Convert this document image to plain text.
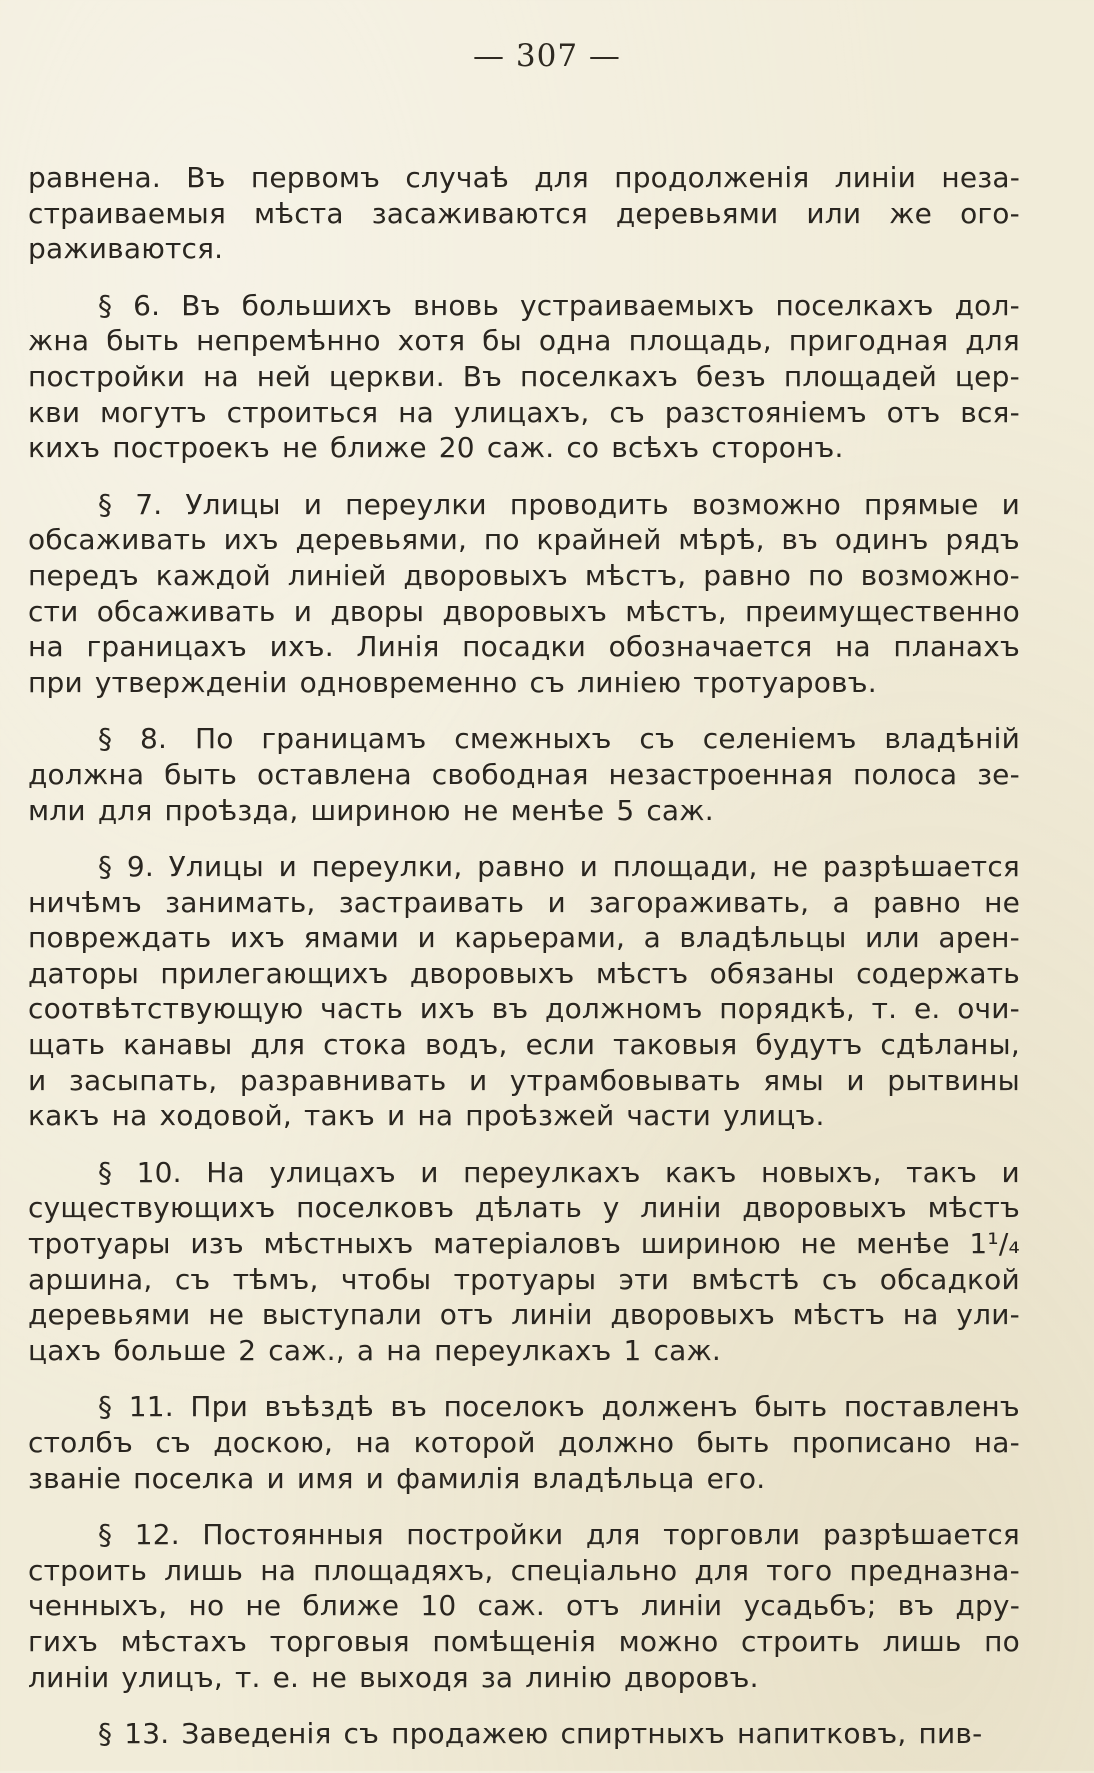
— 307 —
равнена. Въ первомъ случаѣ для продолженія линіи неза-
страиваемыя мѣста засаживаются деревьями или же ого-
раживаются.
§ 6. Въ большихъ вновь устраиваемыхъ поселкахъ дол-
жна быть непремѣнно хотя бы одна площадь, пригодная для
постройки на ней церкви. Въ поселкахъ безъ площадей цер-
кви могутъ строиться на улицахъ, съ разстояніемъ отъ вся-
кихъ построекъ не ближе 20 саж. со всѣхъ сторонъ.
§ 7. Улицы и переулки проводить возможно прямые и
обсаживать ихъ деревьями, по крайней мѣрѣ, въ одинъ рядъ
передъ каждой линіей дворовыхъ мѣстъ, равно по возможно-
сти обсаживать и дворы дворовыхъ мѣстъ, преимущественно
на границахъ ихъ. Линія посадки обозначается на планахъ
при утвержденіи одновременно съ линіею тротуаровъ.
§ 8. По границамъ смежныхъ съ селеніемъ владѣній
должна быть оставлена свободная незастроенная полоса зе-
мли для проѣзда, шириною не менѣе 5 саж.
§ 9. Улицы и переулки, равно и площади, не разрѣшается
ничѣмъ занимать, застраивать и загораживать, а равно не
повреждать ихъ ямами и карьерами, а владѣльцы или арен-
даторы прилегающихъ дворовыхъ мѣстъ обязаны содержать
соотвѣтствующую часть ихъ въ должномъ порядкѣ, т. е. очи-
щать канавы для стока водъ, если таковыя будутъ сдѣланы,
и засыпать, разравнивать и утрамбовывать ямы и рытвины
какъ на ходовой, такъ и на проѣзжей части улицъ.
§ 10. На улицахъ и переулкахъ какъ новыхъ, такъ и
существующихъ поселковъ дѣлать у линіи дворовыхъ мѣстъ
тротуары изъ мѣстныхъ матеріаловъ шириною не менѣе 1¹/₄
аршина, съ тѣмъ, чтобы тротуары эти вмѣстѣ съ обсадкой
деревьями не выступали отъ линіи дворовыхъ мѣстъ на ули-
цахъ больше 2 саж., а на переулкахъ 1 саж.
§ 11. При въѣздѣ въ поселокъ долженъ быть поставленъ
столбъ съ доскою, на которой должно быть прописано на-
званіе поселка и имя и фамилія владѣльца его.
§ 12. Постоянныя постройки для торговли разрѣшается
строить лишь на площадяхъ, спеціально для того предназна-
ченныхъ, но не ближе 10 саж. отъ линіи усадьбъ; въ дру-
гихъ мѣстахъ торговыя помѣщенія можно строить лишь по
линіи улицъ, т. е. не выходя за линію дворовъ.
§ 13. Заведенія съ продажею спиртныхъ напитковъ, пив-
